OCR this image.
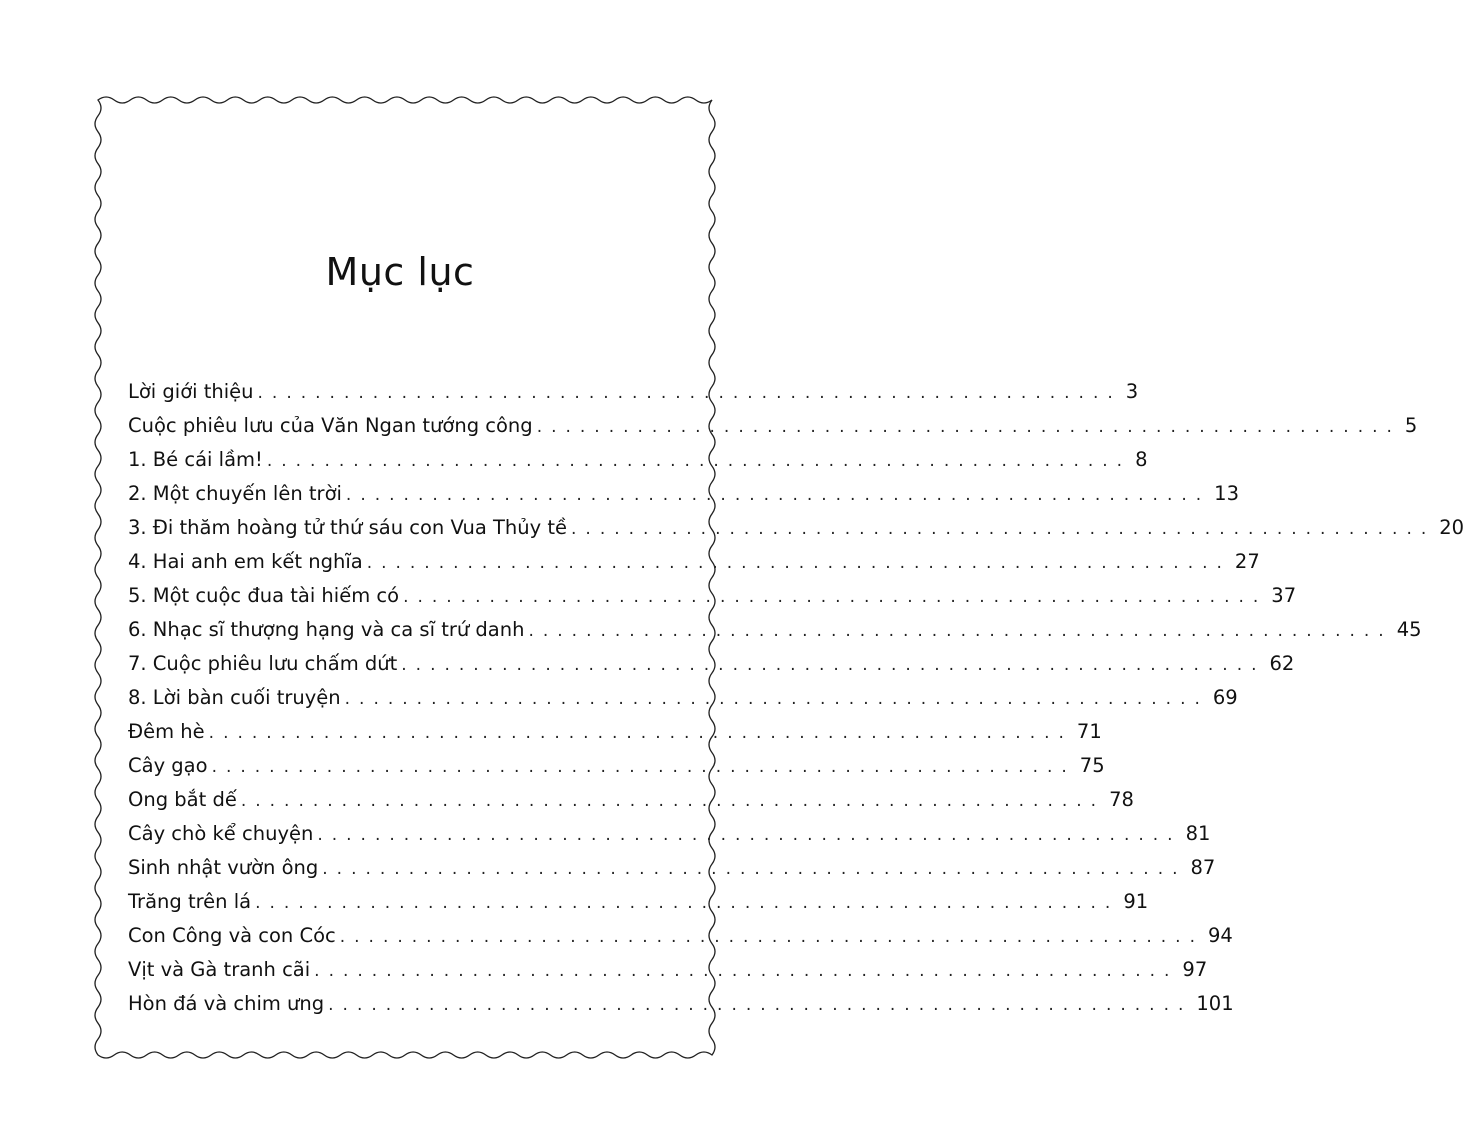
Mục lục
Lời giới thiệu ............................................................ 3
Cuộc phiêu lưu của Văn Ngan tướng công ............................................................ 5
1. Bé cái lầm! ............................................................ 8
2. Một chuyến lên trời ............................................................ 13
3. Đi thăm hoàng tử thứ sáu con Vua Thủy tề ............................................................ 20
4. Hai anh em kết nghĩa ............................................................ 27
5. Một cuộc đua tài hiếm có ............................................................ 37
6. Nhạc sĩ thượng hạng và ca sĩ trứ danh ............................................................ 45
7. Cuộc phiêu lưu chấm dứt ............................................................ 62
8. Lời bàn cuối truyện ............................................................ 69
Đêm hè ............................................................ 71
Cây gạo ............................................................ 75
Ong bắt dế ............................................................ 78
Cây chò kể chuyện ............................................................ 81
Sinh nhật vườn ông ............................................................ 87
Trăng trên lá ............................................................ 91
Con Công và con Cóc ............................................................ 94
Vịt và Gà tranh cãi ............................................................ 97
Hòn đá và chim ưng ............................................................ 101
